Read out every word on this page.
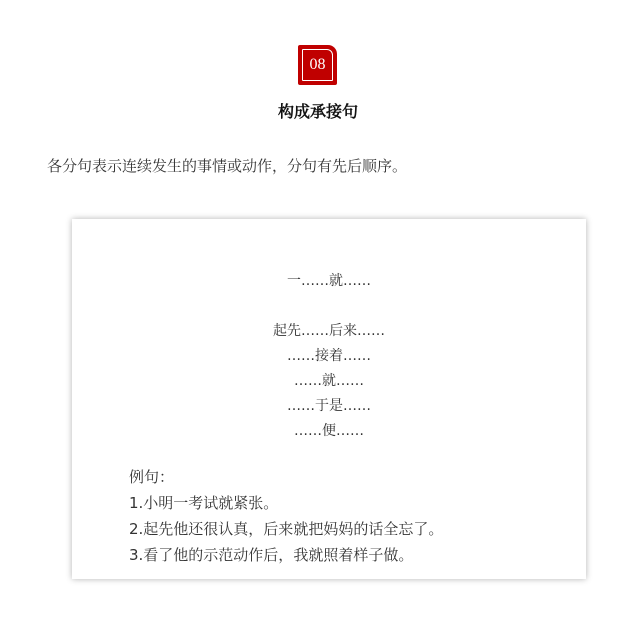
08
构成承接句
各分句表示连续发生的事情或动作，分句有先后顺序。
一……就……
起先……后来……
……接着……
……就……
……于是……
……便……
例句：
1.小明一考试就紧张。
2.起先他还很认真，后来就把妈妈的话全忘了。
3.看了他的示范动作后，我就照着样子做。
